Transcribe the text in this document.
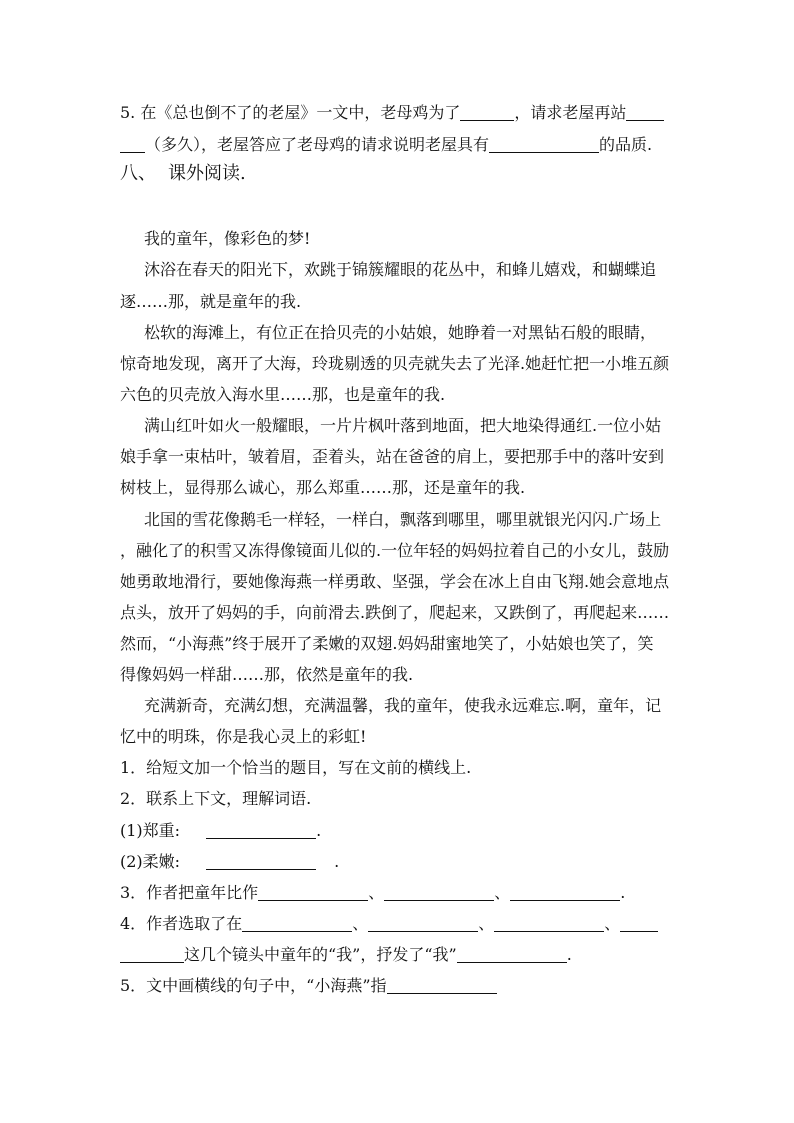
5. 在《总也倒不了的老屋》一文中，老母鸡为了	，请求老屋再站
（多久），老屋答应了老母鸡的请求说明老屋具有	的品质.
八、 课外阅读.
我的童年，像彩色的梦!
沐浴在春天的阳光下，欢跳于锦簇耀眼的花丛中，和蜂儿嬉戏，和蝴蝶追
逐……那，就是童年的我.
松软的海滩上，有位正在拾贝壳的小姑娘，她睁着一对黑钻石般的眼睛，
惊奇地发现，离开了大海，玲珑剔透的贝壳就失去了光泽.她赶忙把一小堆五颜
六色的贝壳放入海水里……那，也是童年的我.
满山红叶如火一般耀眼，一片片枫叶落到地面，把大地染得通红.一位小姑
娘手拿一束枯叶，皱着眉，歪着头，站在爸爸的肩上，要把那手中的落叶安到
树枝上，显得那么诚心，那么郑重……那，还是童年的我.
北国的雪花像鹅毛一样轻，一样白，飘落到哪里，哪里就银光闪闪.广场上
，融化了的积雪又冻得像镜面儿似的.一位年轻的妈妈拉着自己的小女儿，鼓励
她勇敢地滑行，要她像海燕一样勇敢、坚强，学会在冰上自由飞翔.她会意地点
点头，放开了妈妈的手，向前滑去.跌倒了，爬起来，又跌倒了，再爬起来……
然而，“小海燕”终于展开了柔嫩的双翅.妈妈甜蜜地笑了，小姑娘也笑了，笑
得像妈妈一样甜……那，依然是童年的我.
充满新奇，充满幻想，充满温馨，我的童年，使我永远难忘.啊，童年，记
忆中的明珠，你是我心灵上的彩虹!
1．给短文加一个恰当的题目，写在文前的横线上.
2．联系上下文，理解词语.
(1)郑重:	.
(2)柔嫩:	.
3．作者把童年比作	、	、	.
4．作者选取了在	、	、	、
这几个镜头中童年的“我”，抒发了“我”	.
5．文中画横线的句子中，“小海燕”指
